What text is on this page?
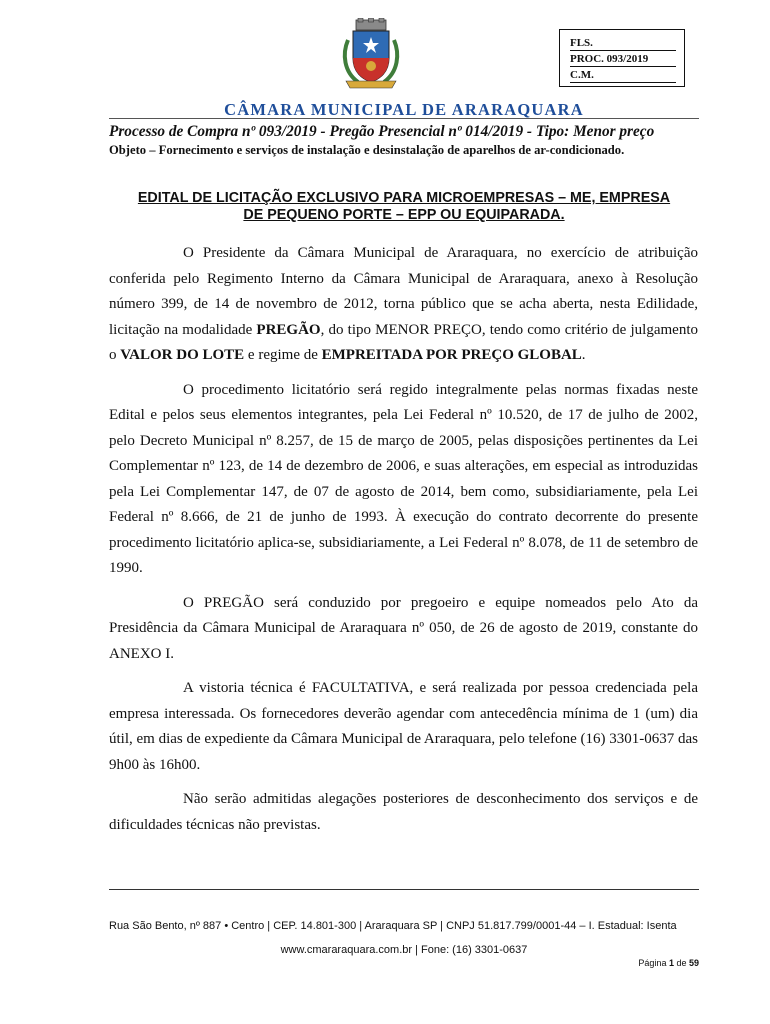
FLS.
PROC. 093/2019
C.M.
CÂMARA MUNICIPAL DE ARARAQUARA
Processo de Compra nº 093/2019 - Pregão Presencial nº 014/2019 - Tipo: Menor preço
Objeto – Fornecimento e serviços de instalação e desinstalação de aparelhos de ar-condicionado.
EDITAL DE LICITAÇÃO EXCLUSIVO PARA MICROEMPRESAS – ME, EMPRESA
DE PEQUENO PORTE – EPP OU EQUIPARADA.

O Presidente da Câmara Municipal de Araraquara, no exercício de atribuição conferida pelo Regimento Interno da Câmara Municipal de Araraquara, anexo à Resolução número 399, de 14 de novembro de 2012, torna público que se acha aberta, nesta Edilidade, licitação na modalidade PREGÃO, do tipo MENOR PREÇO, tendo como critério de julgamento o VALOR DO LOTE e regime de EMPREITADA POR PREÇO GLOBAL.

O procedimento licitatório será regido integralmente pelas normas fixadas neste Edital e pelos seus elementos integrantes, pela Lei Federal nº 10.520, de 17 de julho de 2002, pelo Decreto Municipal nº 8.257, de 15 de março de 2005, pelas disposições pertinentes da Lei Complementar nº 123, de 14 de dezembro de 2006, e suas alterações, em especial as introduzidas pela Lei Complementar 147, de 07 de agosto de 2014, bem como, subsidiariamente, pela Lei Federal nº 8.666, de 21 de junho de 1993. À execução do contrato decorrente do presente procedimento licitatório aplica-se, subsidiariamente, a Lei Federal nº 8.078, de 11 de setembro de 1990.

O PREGÃO será conduzido por pregoeiro e equipe nomeados pelo Ato da Presidência da Câmara Municipal de Araraquara nº 050, de 26 de agosto de 2019, constante do ANEXO I.

A vistoria técnica é FACULTATIVA, e será realizada por pessoa credenciada pela empresa interessada. Os fornecedores deverão agendar com antecedência mínima de 1 (um) dia útil, em dias de expediente da Câmara Municipal de Araraquara, pelo telefone (16) 3301-0637 das 9h00 às 16h00.

Não serão admitidas alegações posteriores de desconhecimento dos serviços e de dificuldades técnicas não previstas.

Rua São Bento, nº 887 • Centro | CEP. 14.801-300 | Araraquara SP | CNPJ 51.817.799/0001-44 – I. Estadual: Isenta
www.cmararaquara.com.br | Fone: (16) 3301-0637
Página 1 de 59
